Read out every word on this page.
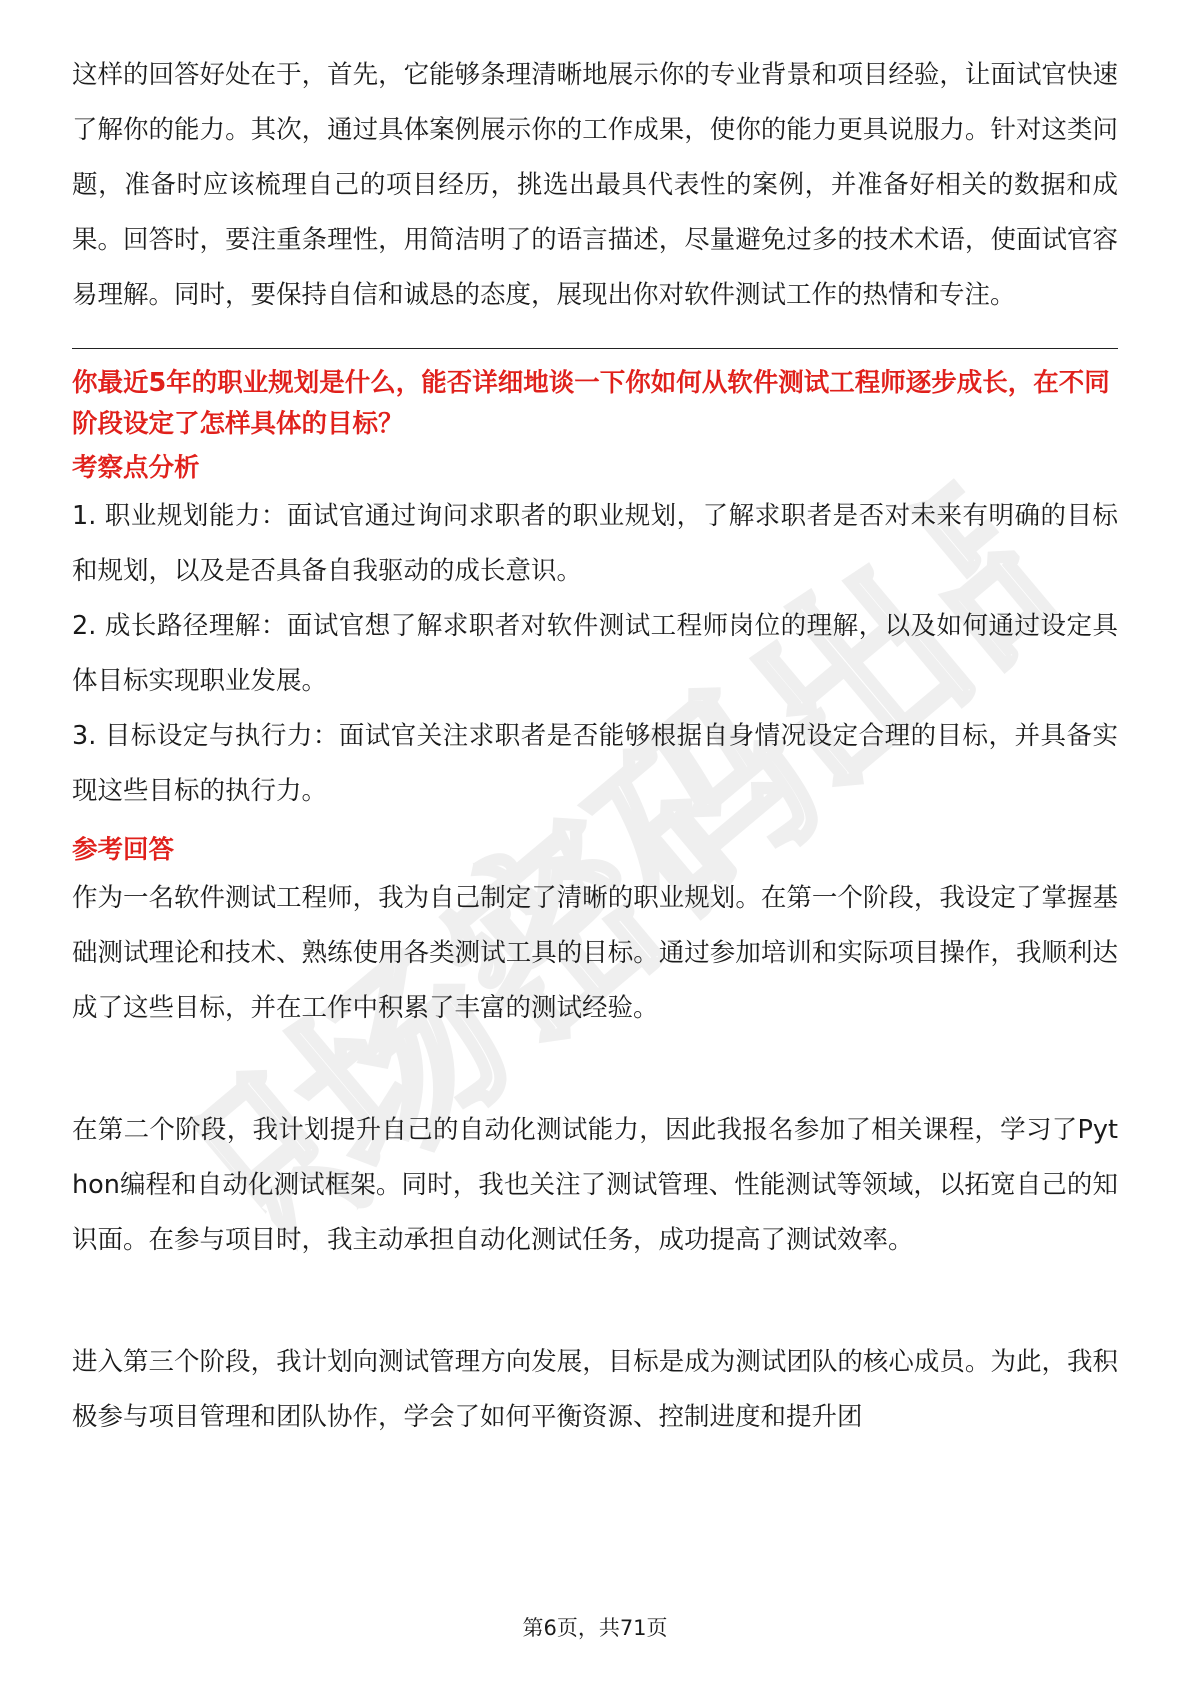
职场密码出品

这样的回答好处在于，首先，它能够条理清晰地展示你的专业背景和项目经验，让面试官快速了解你的能力。其次，通过具体案例展示你的工作成果，使你的能力更具说服力。针对这类问题，准备时应该梳理自己的项目经历，挑选出最具代表性的案例，并准备好相关的数据和成果。回答时，要注重条理性，用简洁明了的语言描述，尽量避免过多的技术术语，使面试官容易理解。同时，要保持自信和诚恳的态度，展现出你对软件测试工作的热情和专注。

你最近5年的职业规划是什么，能否详细地谈一下你如何从软件测试工程师逐步成长，在不同阶段设定了怎样具体的目标？

考察点分析

1. 职业规划能力：面试官通过询问求职者的职业规划，了解求职者是否对未来有明确的目标和规划，以及是否具备自我驱动的成长意识。

2. 成长路径理解：面试官想了解求职者对软件测试工程师岗位的理解，以及如何通过设定具体目标实现职业发展。

3. 目标设定与执行力：面试官关注求职者是否能够根据自身情况设定合理的目标，并具备实现这些目标的执行力。

参考回答

作为一名软件测试工程师，我为自己制定了清晰的职业规划。在第一个阶段，我设定了掌握基础测试理论和技术、熟练使用各类测试工具的目标。通过参加培训和实际项目操作，我顺利达成了这些目标，并在工作中积累了丰富的测试经验。

在第二个阶段，我计划提升自己的自动化测试能力，因此我报名参加了相关课程，学习了Python编程和自动化测试框架。同时，我也关注了测试管理、性能测试等领域，以拓宽自己的知识面。在参与项目时，我主动承担自动化测试任务，成功提高了测试效率。

进入第三个阶段，我计划向测试管理方向发展，目标是成为测试团队的核心成员。为此，我积极参与项目管理和团队协作，学会了如何平衡资源、控制进度和提升团

第6页，共71页
